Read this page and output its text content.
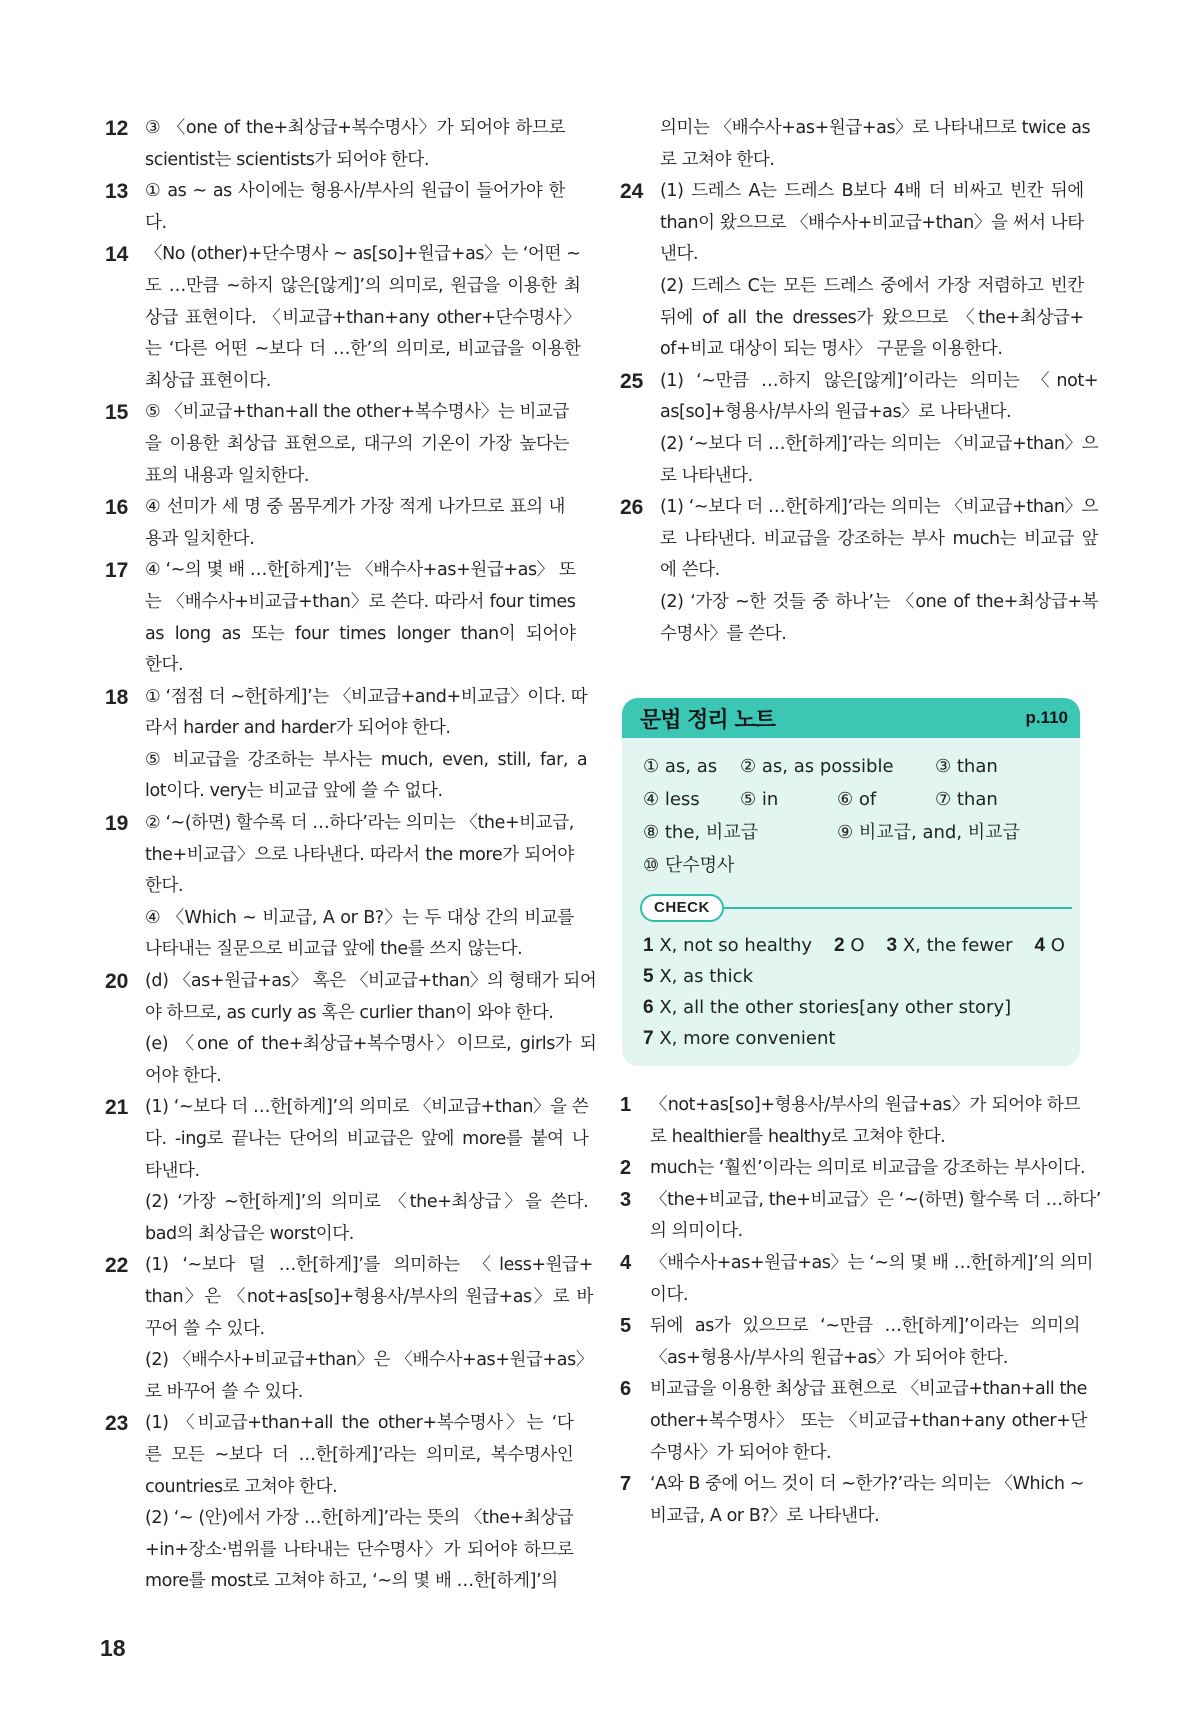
12 ③ 〈one of the+최상급+복수명사〉가 되어야 하므로
scientist는 scientists가 되어야 한다.
13 ① as ~ as 사이에는 형용사/부사의 원급이 들어가야 한
다.
14 〈No (other)+단수명사 ~ as[so]+원급+as〉는 ‘어떤 ~
도 …만큼 ~하지 않은[않게]’의 의미로, 원급을 이용한 최
상급 표현이다. 〈비교급+than+any other+단수명사〉
는 ‘다른 어떤 ~보다 더 …한’의 의미로, 비교급을 이용한
최상급 표현이다.
15 ⑤ 〈비교급+than+all the other+복수명사〉는 비교급
을 이용한 최상급 표현으로, 대구의 기온이 가장 높다는
표의 내용과 일치한다.
16 ④ 선미가 세 명 중 몸무게가 가장 적게 나가므로 표의 내
용과 일치한다.
17 ④ ‘~의 몇 배 …한[하게]’는 〈배수사+as+원급+as〉 또
는 〈배수사+비교급+than〉로 쓴다. 따라서 four times
as long as 또는 four times longer than이 되어야
한다.
18 ① ‘점점 더 ~한[하게]’는 〈비교급+and+비교급〉이다. 따
라서 harder and harder가 되어야 한다.
⑤ 비교급을 강조하는 부사는 much, even, still, far, a
lot이다. very는 비교급 앞에 쓸 수 없다.
19 ② ‘~(하면) 할수록 더 …하다’라는 의미는 〈the+비교급,
the+비교급〉으로 나타낸다. 따라서 the more가 되어야
한다.
④ 〈Which ~ 비교급, A or B?〉는 두 대상 간의 비교를
나타내는 질문으로 비교급 앞에 the를 쓰지 않는다.
20 (d) 〈as+원급+as〉 혹은 〈비교급+than〉의 형태가 되어
야 하므로, as curly as 혹은 curlier than이 와야 한다.
(e) 〈one of the+최상급+복수명사〉이므로, girls가 되
어야 한다.
21 (1) ‘~보다 더 …한[하게]’의 의미로 〈비교급+than〉을 쓴
다. -ing로 끝나는 단어의 비교급은 앞에 more를 붙여 나
타낸다.
(2) ‘가장 ~한[하게]’의 의미로 〈the+최상급〉을 쓴다.
bad의 최상급은 worst이다.
22 (1) ‘~보다 덜 …한[하게]’를 의미하는 〈less+원급+
than〉은 〈not+as[so]+형용사/부사의 원급+as〉로 바
꾸어 쓸 수 있다.
(2) 〈배수사+비교급+than〉은 〈배수사+as+원급+as〉
로 바꾸어 쓸 수 있다.
23 (1) 〈비교급+than+all the other+복수명사〉는 ‘다
른 모든 ~보다 더 …한[하게]’라는 의미로, 복수명사인
countries로 고쳐야 한다.
(2) ‘~ (안)에서 가장 …한[하게]’라는 뜻의 〈the+최상급
+in+장소·범위를 나타내는 단수명사〉가 되어야 하므로
more를 most로 고쳐야 하고, ‘~의 몇 배 …한[하게]’의
의미는 〈배수사+as+원급+as〉로 나타내므로 twice as
로 고쳐야 한다.
24 (1) 드레스 A는 드레스 B보다 4배 더 비싸고 빈칸 뒤에
than이 왔으므로 〈배수사+비교급+than〉을 써서 나타
낸다.
(2) 드레스 C는 모든 드레스 중에서 가장 저렴하고 빈칸
뒤에 of all the dresses가 왔으므로 〈the+최상급+
of+비교 대상이 되는 명사〉 구문을 이용한다.
25 (1) ‘~만큼 …하지 않은[않게]’이라는 의미는 〈not+
as[so]+형용사/부사의 원급+as〉로 나타낸다.
(2) ‘~보다 더 …한[하게]’라는 의미는 〈비교급+than〉으
로 나타낸다.
26 (1) ‘~보다 더 …한[하게]’라는 의미는 〈비교급+than〉으
로 나타낸다. 비교급을 강조하는 부사 much는 비교급 앞
에 쓴다.
(2) ‘가장 ~한 것들 중 하나’는 〈one of the+최상급+복
수명사〉를 쓴다.
문법 정리 노트	p.110
① as, as ② as, as possible ③ than
④ less ⑤ in	⑥ of	⑦ than
⑧ the, 비교급	⑨ 비교급, and, 비교급
⑩ 단수명사
CHECK
1 X, not so healthy 2 O 3 X, the fewer 4 O
5 X, as thick
6 X, all the other stories[any other story]
7 X, more convenient
1	〈not+as[so]+형용사/부사의 원급+as〉가 되어야 하므
로 healthier를 healthy로 고쳐야 한다.
2	much는 ‘훨씬’이라는 의미로 비교급을 강조하는 부사이다.
3	〈the+비교급, the+비교급〉은 ‘~(하면) 할수록 더 …하다’
의 의미이다.
4	〈배수사+as+원급+as〉는 ‘~의 몇 배 …한[하게]’의 의미
이다.
5	뒤에 as가 있으므로 ‘~만큼 …한[하게]’이라는 의미의
〈as+형용사/부사의 원급+as〉가 되어야 한다.
6	비교급을 이용한 최상급 표현으로 〈비교급+than+all the
other+복수명사〉 또는 〈비교급+than+any other+단
수명사〉가 되어야 한다.
7	‘A와 B 중에 어느 것이 더 ~한가?’라는 의미는 〈Which ~
비교급, A or B?〉로 나타낸다.
18
